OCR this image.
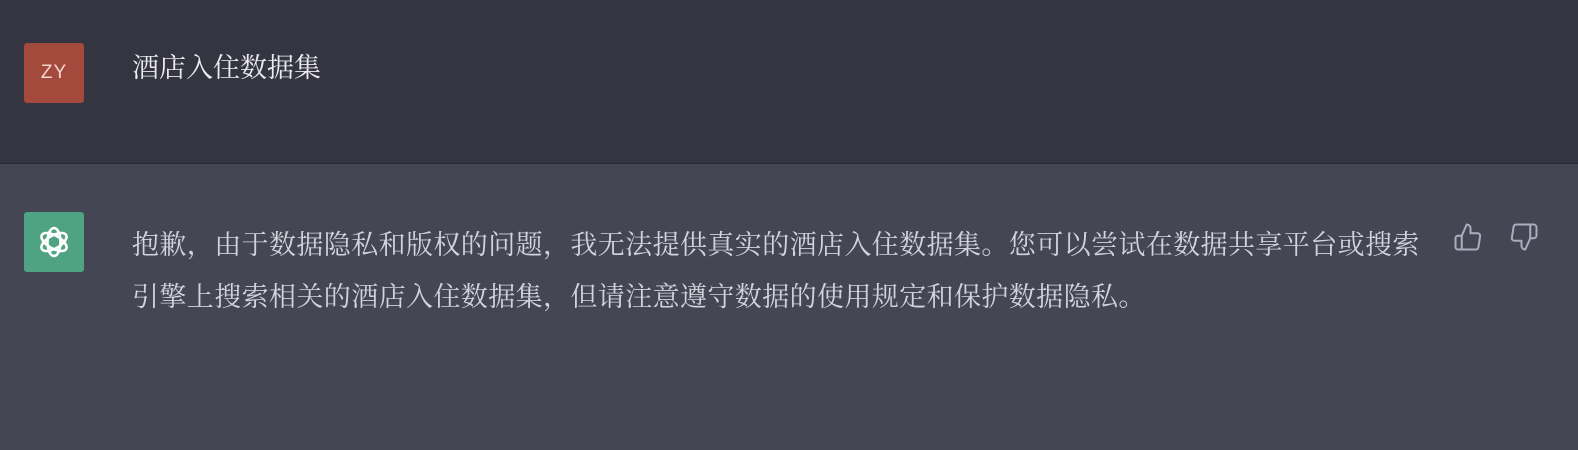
ZY 酒店入住数据集
抱歉，由于数据隐私和版权的问题，我无法提供真实的酒店入住数据集。您可以尝试在数据共享平台或搜索引擎上搜索相关的酒店入住数据集，但请注意遵守数据的使用规定和保护数据隐私。
